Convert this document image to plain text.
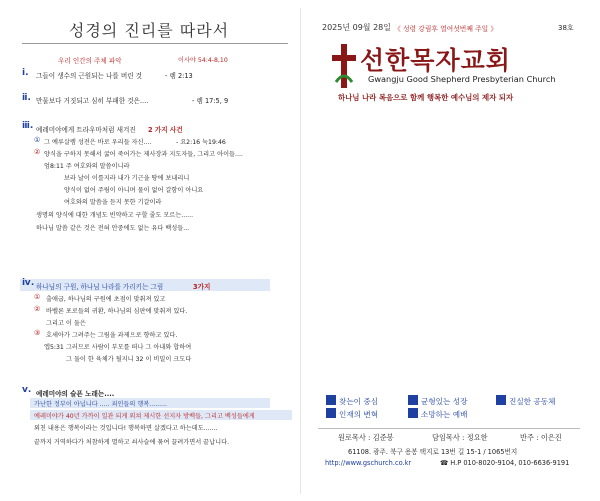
성경의 진리를 따라서
우리 인간의 주체 파악	이사야 54:4-8,10
ⅰ. 그들이 생수의 근원되는 나를 버린 것	- 렘 2:13
ⅱ. 만물보다 거짓되고 심히 부패한 것은....	- 렘 17:5, 9
ⅲ. 예레미야에게 트라우마처럼 새겨진 2 가지 사건
① 그 예루살렘 성전은 바로 우리들 자신....	- 요2:16 눅19:46
② 양식을 구하지 못해서 굶어 죽어가는 제사장과 지도자들, 그리고 아이들....
엄8:11 주 여호와의 말씀이니라
보라 날이 이를지라 내가 기근을 땅에 보내리니
양식이 없어 주림이 아니며 물이 없어 갈함이 아니요
여호와의 말씀을 듣지 못한 기갈이라
생명의 양식에 대한 개념도 빈약하고 구할 줄도 모르는......
하나님 말씀 같은 것은 전혀 안중에도 없는 유다 백성들...
ⅳ. 하나님의 구원, 하나님 나라를 가리키는 그림	3가지
① 출애굽, 하나님의 구원에 초점이 맞춰져 있고
② 바벨론 포로들의 귀환, 하나님의 심판에 맞춰져 있다.
그리고 이 둘은
③ 호세아가 그려주는 그림을 과제으로 향하고 있다.
엡5:31 그러므로 사람이 부모를 떠나 그 아내와 합하여
그 둘이 한 육체가 될지니 32 이 비밀이 크도다
ⅴ. 예레미야의 슬픈 노래는....
가난한 정부이 아닙니다 ..... 죄인들의 행복.........
예레미야가 40년 가까이 일관 되게 외쳐 제시한 선지자 방백들, 그리고 백성들에게
외친 내용은 행복이라는 것입니다! 행복하면 살겠다고 하는데도.......
끝까지 거역하다가 처참하게 멸하고 쇠사슬에 묶여 끌려가면서 끝납니다.
2025년 09월 28일 《 성령 강림후 열여섯번째 주일 》	38호
선한목자교회
Gwangju Good Shepherd Presbyterian Church
하나님 나라 복음으로 함께 행복한 예수님의 제자 되자
찾는이 중심	균형있는 성장	진실한 공동체
인재의 변혁	소망하는 예배
원로목사 : 김준봉	담임목사 : 정요한	반주 : 이은진
61108. 광주. 북구 용봉 택지로 13번 길 15-1 / 1065번지
http://www.gschurch.co.kr	☎ H.P 010-8020-9104, 010-6636-9191
